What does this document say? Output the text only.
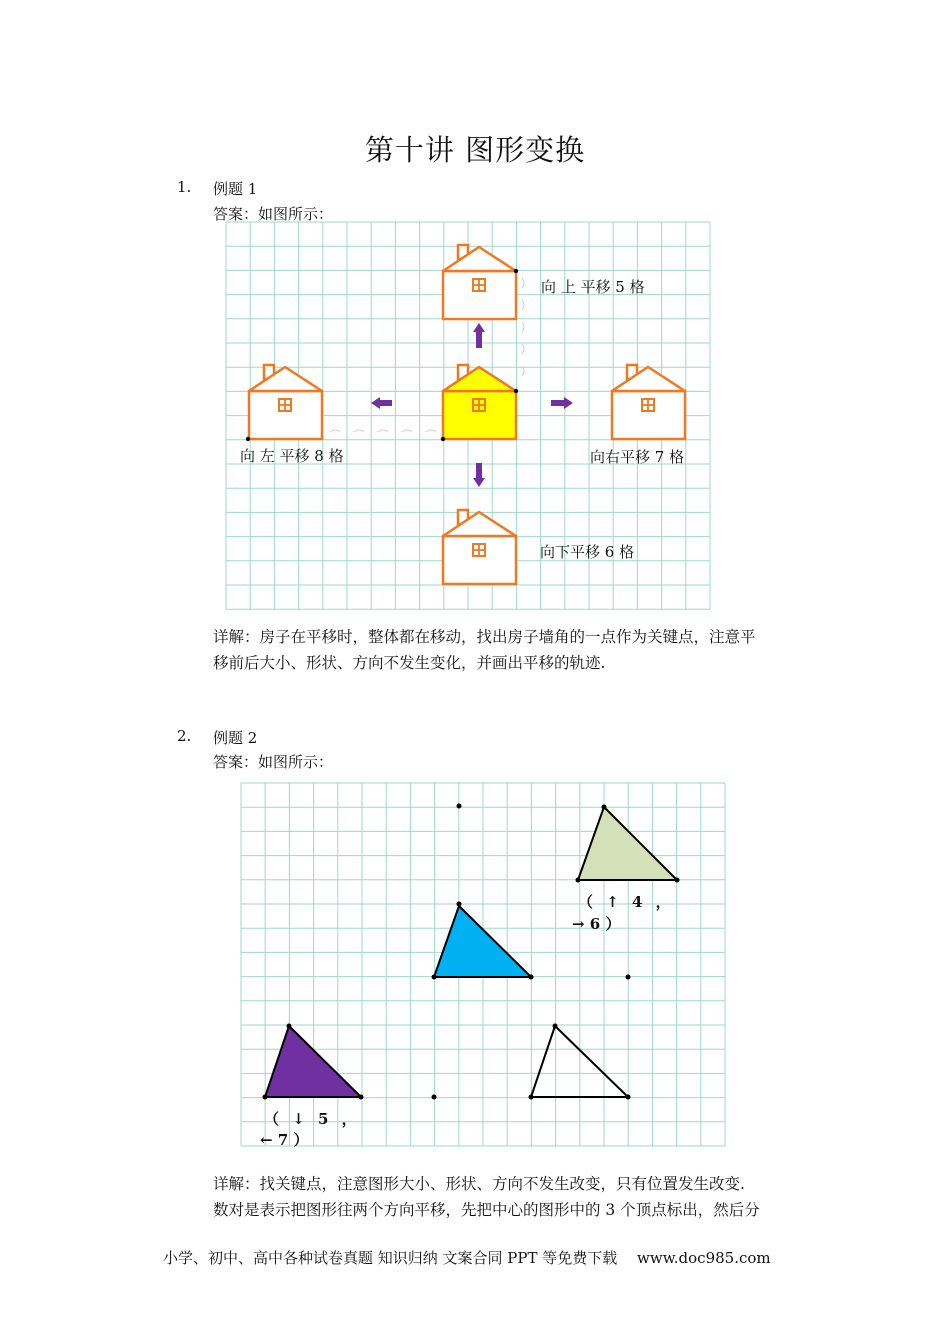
第十讲 图形变换
1. 例题 1
答案：如图所示：
向 上 平移 5 格
向 左 平移 8 格	向右平移 7 格
向下平移 6 格
详解：房子在平移时，整体都在移动，找出房子墙角的一点作为关键点，注意平
移前后大小、形状、方向不发生变化，并画出平移的轨迹.
2. 例题 2
答案：如图所示：
（ ↑ 4 ，
→ 6 ）
（ ↓ 5 ，
← 7 ）
详解：找关键点，注意图形大小、形状、方向不发生改变，只有位置发生改变.
数对是表示把图形往两个方向平移，先把中心的图形中的 3 个顶点标出，然后分
小学、初中、高中各种试卷真题 知识归纳 文案合同 PPT 等免费下载　 www.doc985.com
